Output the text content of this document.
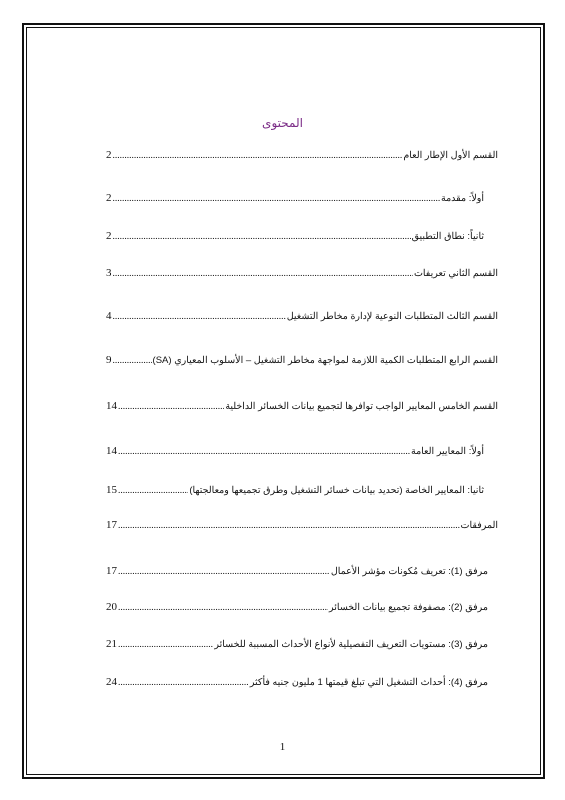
المحتوى
القسم الأول الإطار العام
.....
2
أولاً: مقدمة
.....
2
ثانياً: نطاق التطبيق
.....
2
القسم الثاني تعريفات
.....
3
القسم الثالث المتطلبات النوعية لإدارة مخاطر التشغيل
.....
4
القسم الرابع المتطلبات الكمية اللازمة لمواجهة مخاطر التشغيل – الأسلوب المعياري (SA)
.....
9
القسم الخامس المعايير الواجب توافرها لتجميع بيانات الخسائر الداخلية
.....
14
أولاً: المعايير العامة
.....
14
ثانيا: المعايير الخاصة (تحديد بيانات خسائر التشغيل وطرق تجميعها ومعالجتها)
.....
15
المرفقات
.....
17
مرفق (1): تعريف مُكونات مؤشر الأعمال
.....
17
مرفق (2): مصفوفة تجميع بيانات الخسائر
.....
20
مرفق (3): مستويات التعريف التفصيلية لأنواع الأحداث المسببة للخسائر
.....
21
مرفق (4): أحداث التشغيل التي تبلغ قيمتها 1 مليون جنيه فأكثر
.....
24
1
